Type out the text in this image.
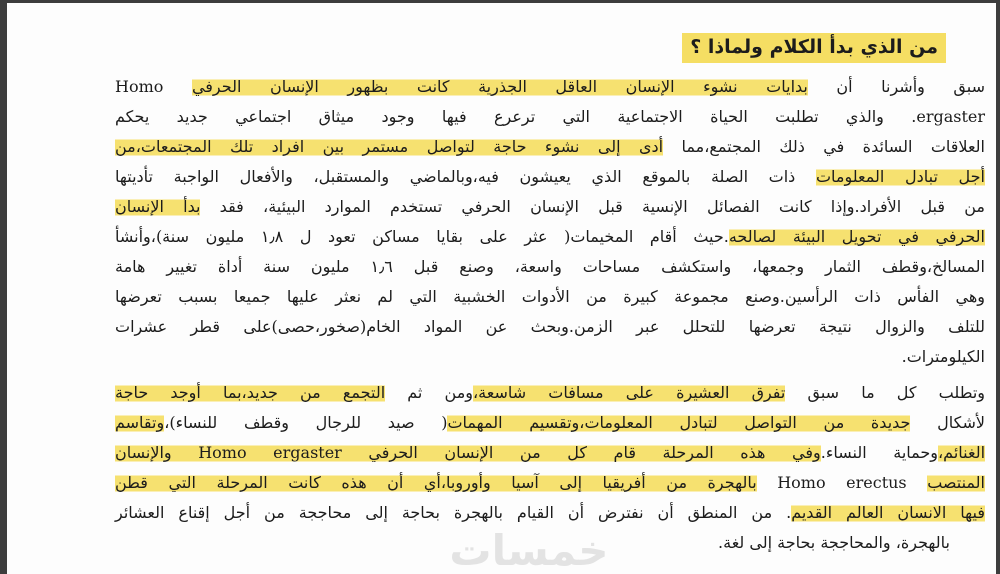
من الذي بدأ الكلام ولماذا ؟
سبق وأشرنا أن بدايات نشوء الإنسان العاقل الجذرية كانت بظهور الإنسان الحرفي Homo
ergaster. والذي تطلبت الحياة الاجتماعية التي ترعرع فيها وجود ميثاق اجتماعي جديد يحكم
العلاقات السائدة في ذلك المجتمع،مما أدى إلى نشوء حاجة لتواصل مستمر بين افراد تلك المجتمعات،من
أجل تبادل المعلومات ذات الصلة بالموقع الذي يعيشون فيه،وبالماضي والمستقبل، والأفعال الواجبة تأديتها
من قبل الأفراد.وإذا كانت الفصائل الإنسية قبل الإنسان الحرفي تستخدم الموارد البيئية، فقد بدأ الإنسان
الحرفي في تحويل البيئة لصالحه.حيث أقام المخيمات( عثر على بقايا مساكن تعود ل ١٫٨ مليون سنة)،وأنشأ
المسالخ،وقطف الثمار وجمعها، واستكشف مساحات واسعة، وصنع قبل ١٫٦ مليون سنة أداة تغيير هامة
وهي الفأس ذات الرأسين.وصنع مجموعة كبيرة من الأدوات الخشبية التي لم نعثر عليها جميعا بسبب تعرضها
للتلف والزوال نتيجة تعرضها للتحلل عبر الزمن.وبحث عن المواد الخام(صخور،حصى)على قطر عشرات
الكيلومترات.
وتطلب كل ما سبق تفرق العشيرة على مسافات شاسعة،ومن ثم التجمع من جديد،بما أوجد حاجة
لأشكال جديدة من التواصل لتبادل المعلومات،وتقسيم المهمات( صيد للرجال وقطف للنساء)،وتقاسم
الغنائم،وحماية النساء.وفي هذه المرحلة قام كل من الإنسان الحرفي Homo ergaster والإنسان
المنتصب Homo erectus بالهجرة من أفريقيا إلى آسيا وأوروبا،أي أن هذه كانت المرحلة التي قطن
فيها الانسان العالم القديم. من المنطق أن نفترض أن القيام بالهجرة بحاجة إلى محاججة من أجل إقناع العشائر
بالهجرة، والمحاججة بحاجة إلى لغة.
خمسات
